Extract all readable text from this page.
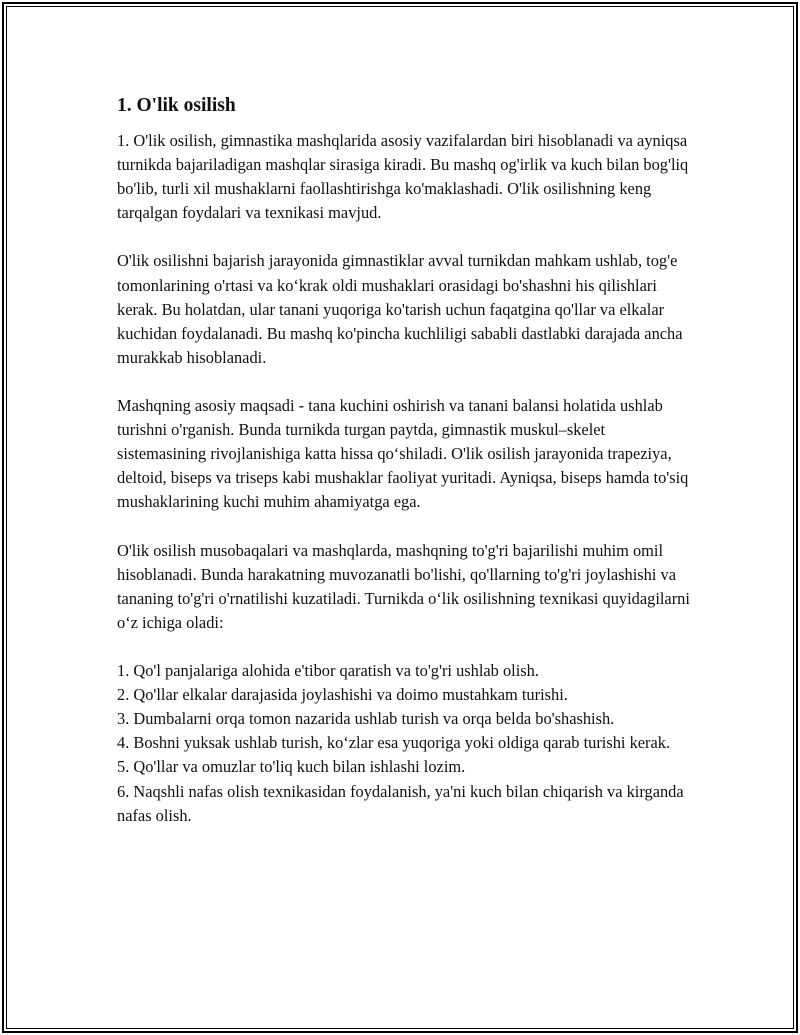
1. O'lik osilish

1. O'lik osilish, gimnastika mashqlarida asosiy vazifalardan biri hisoblanadi va ayniqsa turnikda bajariladigan mashqlar sirasiga kiradi. Bu mashq og'irlik va kuch bilan bog'liq bo'lib, turli xil mushaklarni faollashtirishga ko'maklashadi. O'lik osilishning keng tarqalgan foydalari va texnikasi mavjud.

O'lik osilishni bajarish jarayonida gimnastiklar avval turnikdan mahkam ushlab, tog'e tomonlarining o'rtasi va ko‘krak oldi mushaklari orasidagi bo'shashni his qilishlari kerak. Bu holatdan, ular tanani yuqoriga ko'tarish uchun faqatgina qo'llar va elkalar kuchidan foydalanadi. Bu mashq ko'pincha kuchliligi sababli dastlabki darajada ancha murakkab hisoblanadi.

Mashqning asosiy maqsadi - tana kuchini oshirish va tanani balansi holatida ushlab turishni o'rganish. Bunda turnikda turgan paytda, gimnastik muskul–skelet sistemasining rivojlanishiga katta hissa qo‘shiladi. O'lik osilish jarayonida trapeziya, deltoid, biseps va triseps kabi mushaklar faoliyat yuritadi. Ayniqsa, biseps hamda to'siq mushaklarining kuchi muhim ahamiyatga ega.

O'lik osilish musobaqalari va mashqlarda, mashqning to'g'ri bajarilishi muhim omil hisoblanadi. Bunda harakatning muvozanatli bo'lishi, qo'llarning to'g'ri joylashishi va tananing to'g'ri o'rnatilishi kuzatiladi. Turnikda o‘lik osilishning texnikasi quyidagilarni o‘z ichiga oladi:

1. Qo'l panjalariga alohida e'tibor qaratish va to'g'ri ushlab olish.
2. Qo'llar elkalar darajasida joylashishi va doimo mustahkam turishi.
3. Dumbalarni orqa tomon nazarida ushlab turish va orqa belda bo'shashish.
4. Boshni yuksak ushlab turish, ko‘zlar esa yuqoriga yoki oldiga qarab turishi kerak.
5. Qo'llar va omuzlar to'liq kuch bilan ishlashi lozim.
6. Naqshli nafas olish texnikasidan foydalanish, ya'ni kuch bilan chiqarish va kirganda nafas olish.
